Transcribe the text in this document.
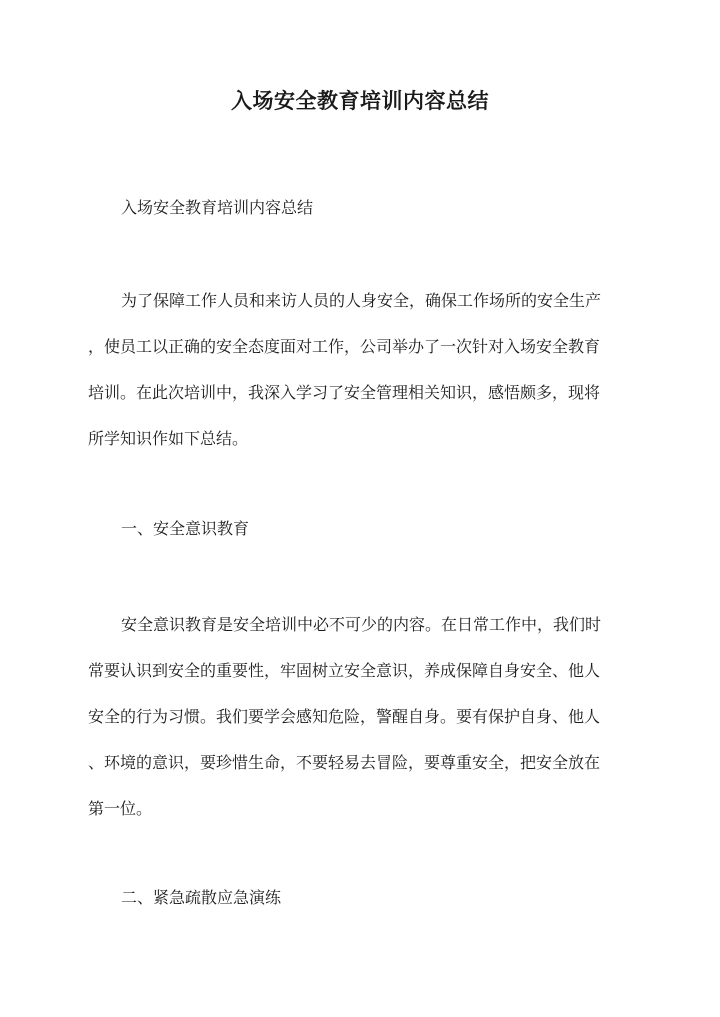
入场安全教育培训内容总结
入场安全教育培训内容总结
为了保障工作人员和来访人员的人身安全，确保工作场所的安全生产
，使员工以正确的安全态度面对工作，公司举办了一次针对入场安全教育
培训。在此次培训中，我深入学习了安全管理相关知识，感悟颇多，现将
所学知识作如下总结。
一、安全意识教育
安全意识教育是安全培训中必不可少的内容。在日常工作中，我们时
常要认识到安全的重要性，牢固树立安全意识，养成保障自身安全、他人
安全的行为习惯。我们要学会感知危险，警醒自身。要有保护自身、他人
、环境的意识，要珍惜生命，不要轻易去冒险，要尊重安全，把安全放在
第一位。
二、紧急疏散应急演练
